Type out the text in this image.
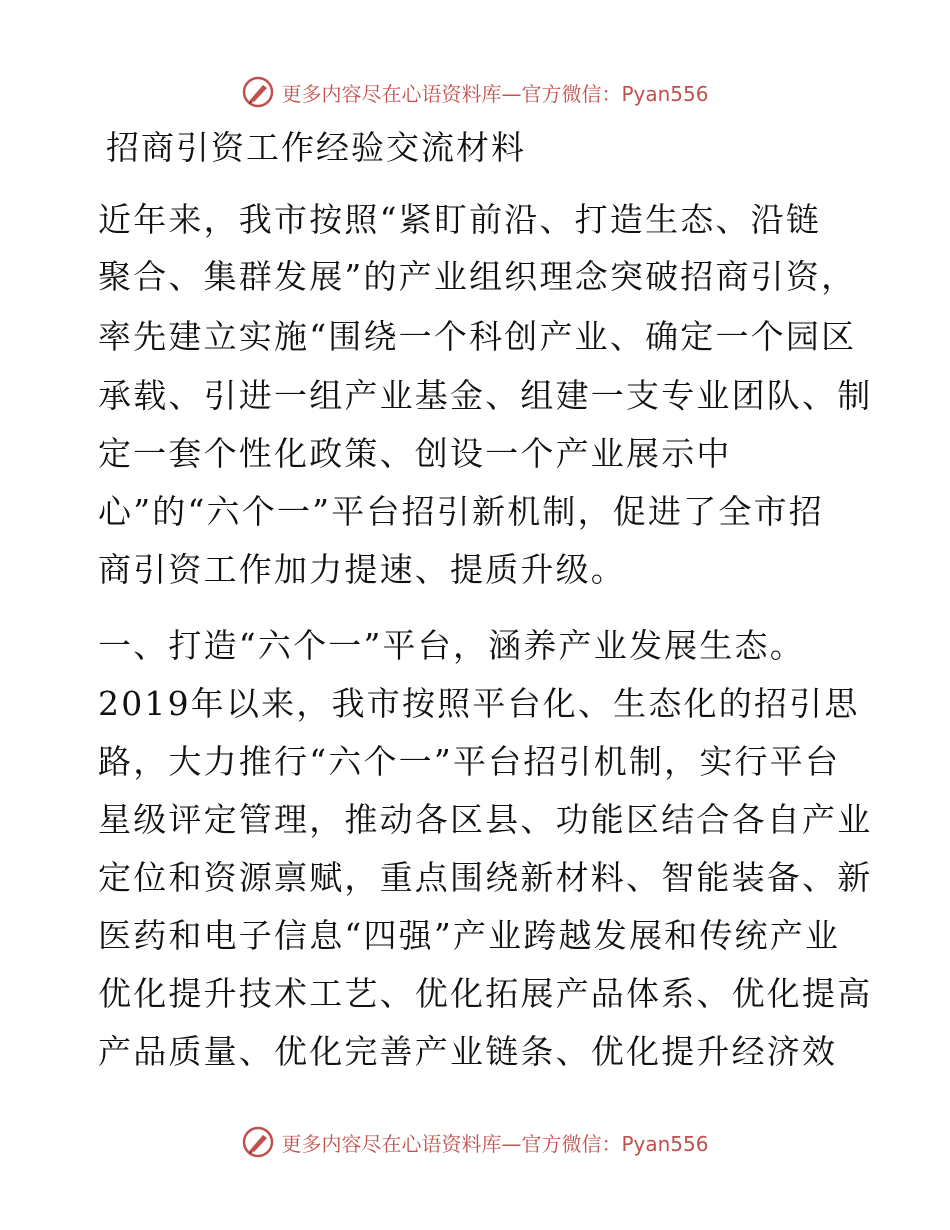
更多内容尽在心语资料库—官方微信：Pyan556
招商引资工作经验交流材料
近年来，我市按照“紧盯前沿、打造生态、沿链
聚合、集群发展”的产业组织理念突破招商引资，
率先建立实施“围绕一个科创产业、确定一个园区
承载、引进一组产业基金、组建一支专业团队、制
定一套个性化政策、创设一个产业展示中
心”的“六个一”平台招引新机制，促进了全市招
商引资工作加力提速、提质升级。
一、打造“六个一”平台，涵养产业发展生态。
2019年以来，我市按照平台化、生态化的招引思
路，大力推行“六个一”平台招引机制，实行平台
星级评定管理，推动各区县、功能区结合各自产业
定位和资源禀赋，重点围绕新材料、智能装备、新
医药和电子信息“四强”产业跨越发展和传统产业
优化提升技术工艺、优化拓展产品体系、优化提高
产品质量、优化完善产业链条、优化提升经济效
更多内容尽在心语资料库—官方微信：Pyan556
